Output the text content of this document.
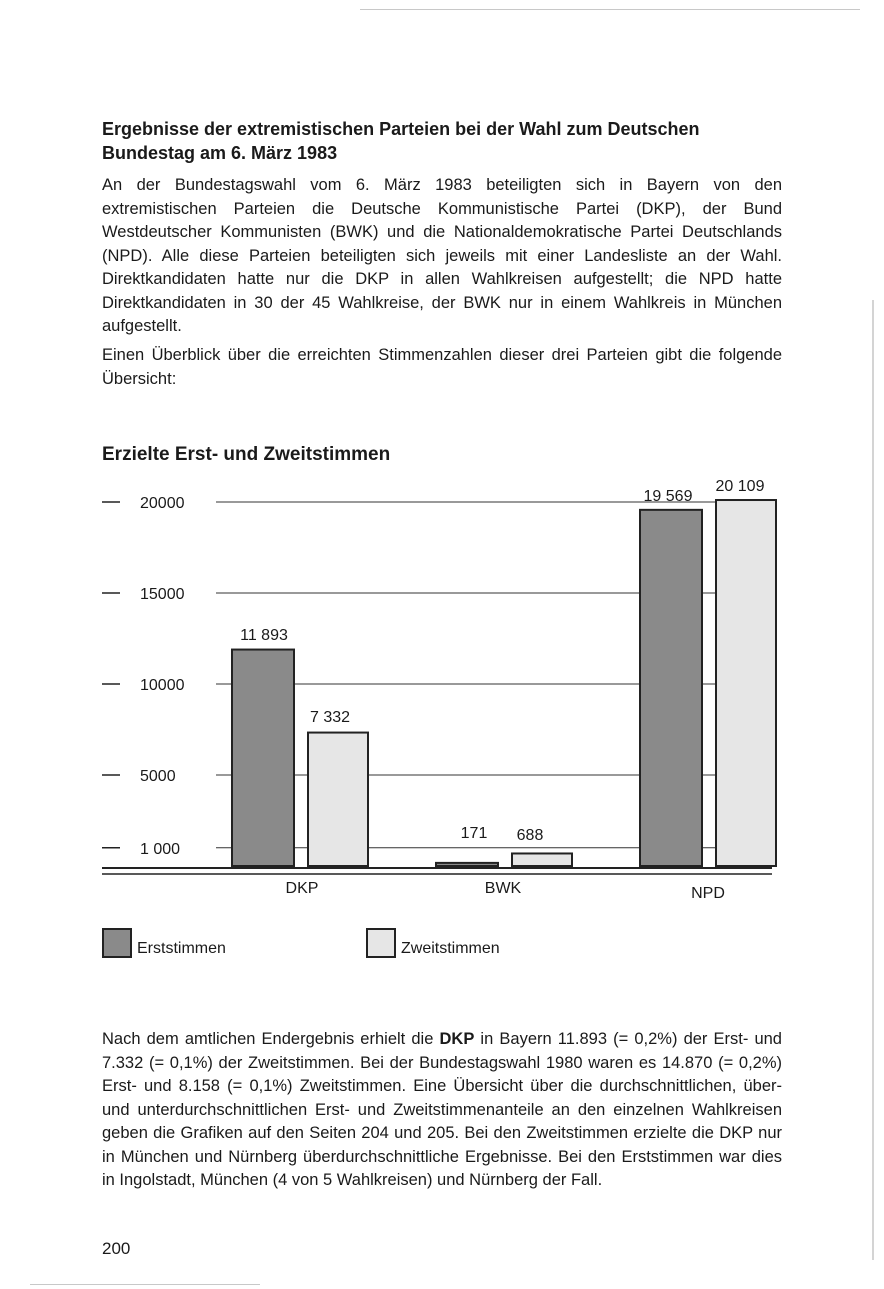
Ergebnisse der extremistischen Parteien bei der Wahl zum Deutschen Bundestag am 6. März 1983

An der Bundestagswahl vom 6. März 1983 beteiligten sich in Bayern von den extremistischen Parteien die Deutsche Kommunistische Partei (DKP), der Bund Westdeutscher Kommunisten (BWK) und die Nationaldemokratische Partei Deutschlands (NPD). Alle diese Parteien beteiligten sich jeweils mit einer Landesliste an der Wahl. Direktkandidaten hatte nur die DKP in allen Wahlkreisen aufgestellt; die NPD hatte Direktkandidaten in 30 der 45 Wahlkreise, der BWK nur in einem Wahlkreis in München aufgestellt.

Einen Überblick über die erreichten Stimmenzahlen dieser drei Parteien gibt die folgende Übersicht:

Erzielte Erst- und Zweitstimmen
1 000
5000
10000
15000
20000
11 893
7 332
171 688
19 569
20 109
DKP	BWK	NPD
Erststimmen	Zweitstimmen

Nach dem amtlichen Endergebnis erhielt die DKP in Bayern 11.893 (= 0,2%) der Erst- und 7.332 (= 0,1%) der Zweitstimmen. Bei der Bundestagswahl 1980 waren es 14.870 (= 0,2%) Erst- und 8.158 (= 0,1%) Zweitstimmen. Eine Übersicht über die durchschnittlichen, über- und unterdurchschnittlichen Erst- und Zweitstimmenanteile an den einzelnen Wahlkreisen geben die Grafiken auf den Seiten 204 und 205. Bei den Zweitstimmen erzielte die DKP nur in München und Nürnberg überdurchschnittliche Ergebnisse. Bei den Erststimmen war dies in Ingolstadt, München (4 von 5 Wahlkreisen) und Nürnberg der Fall.

200
